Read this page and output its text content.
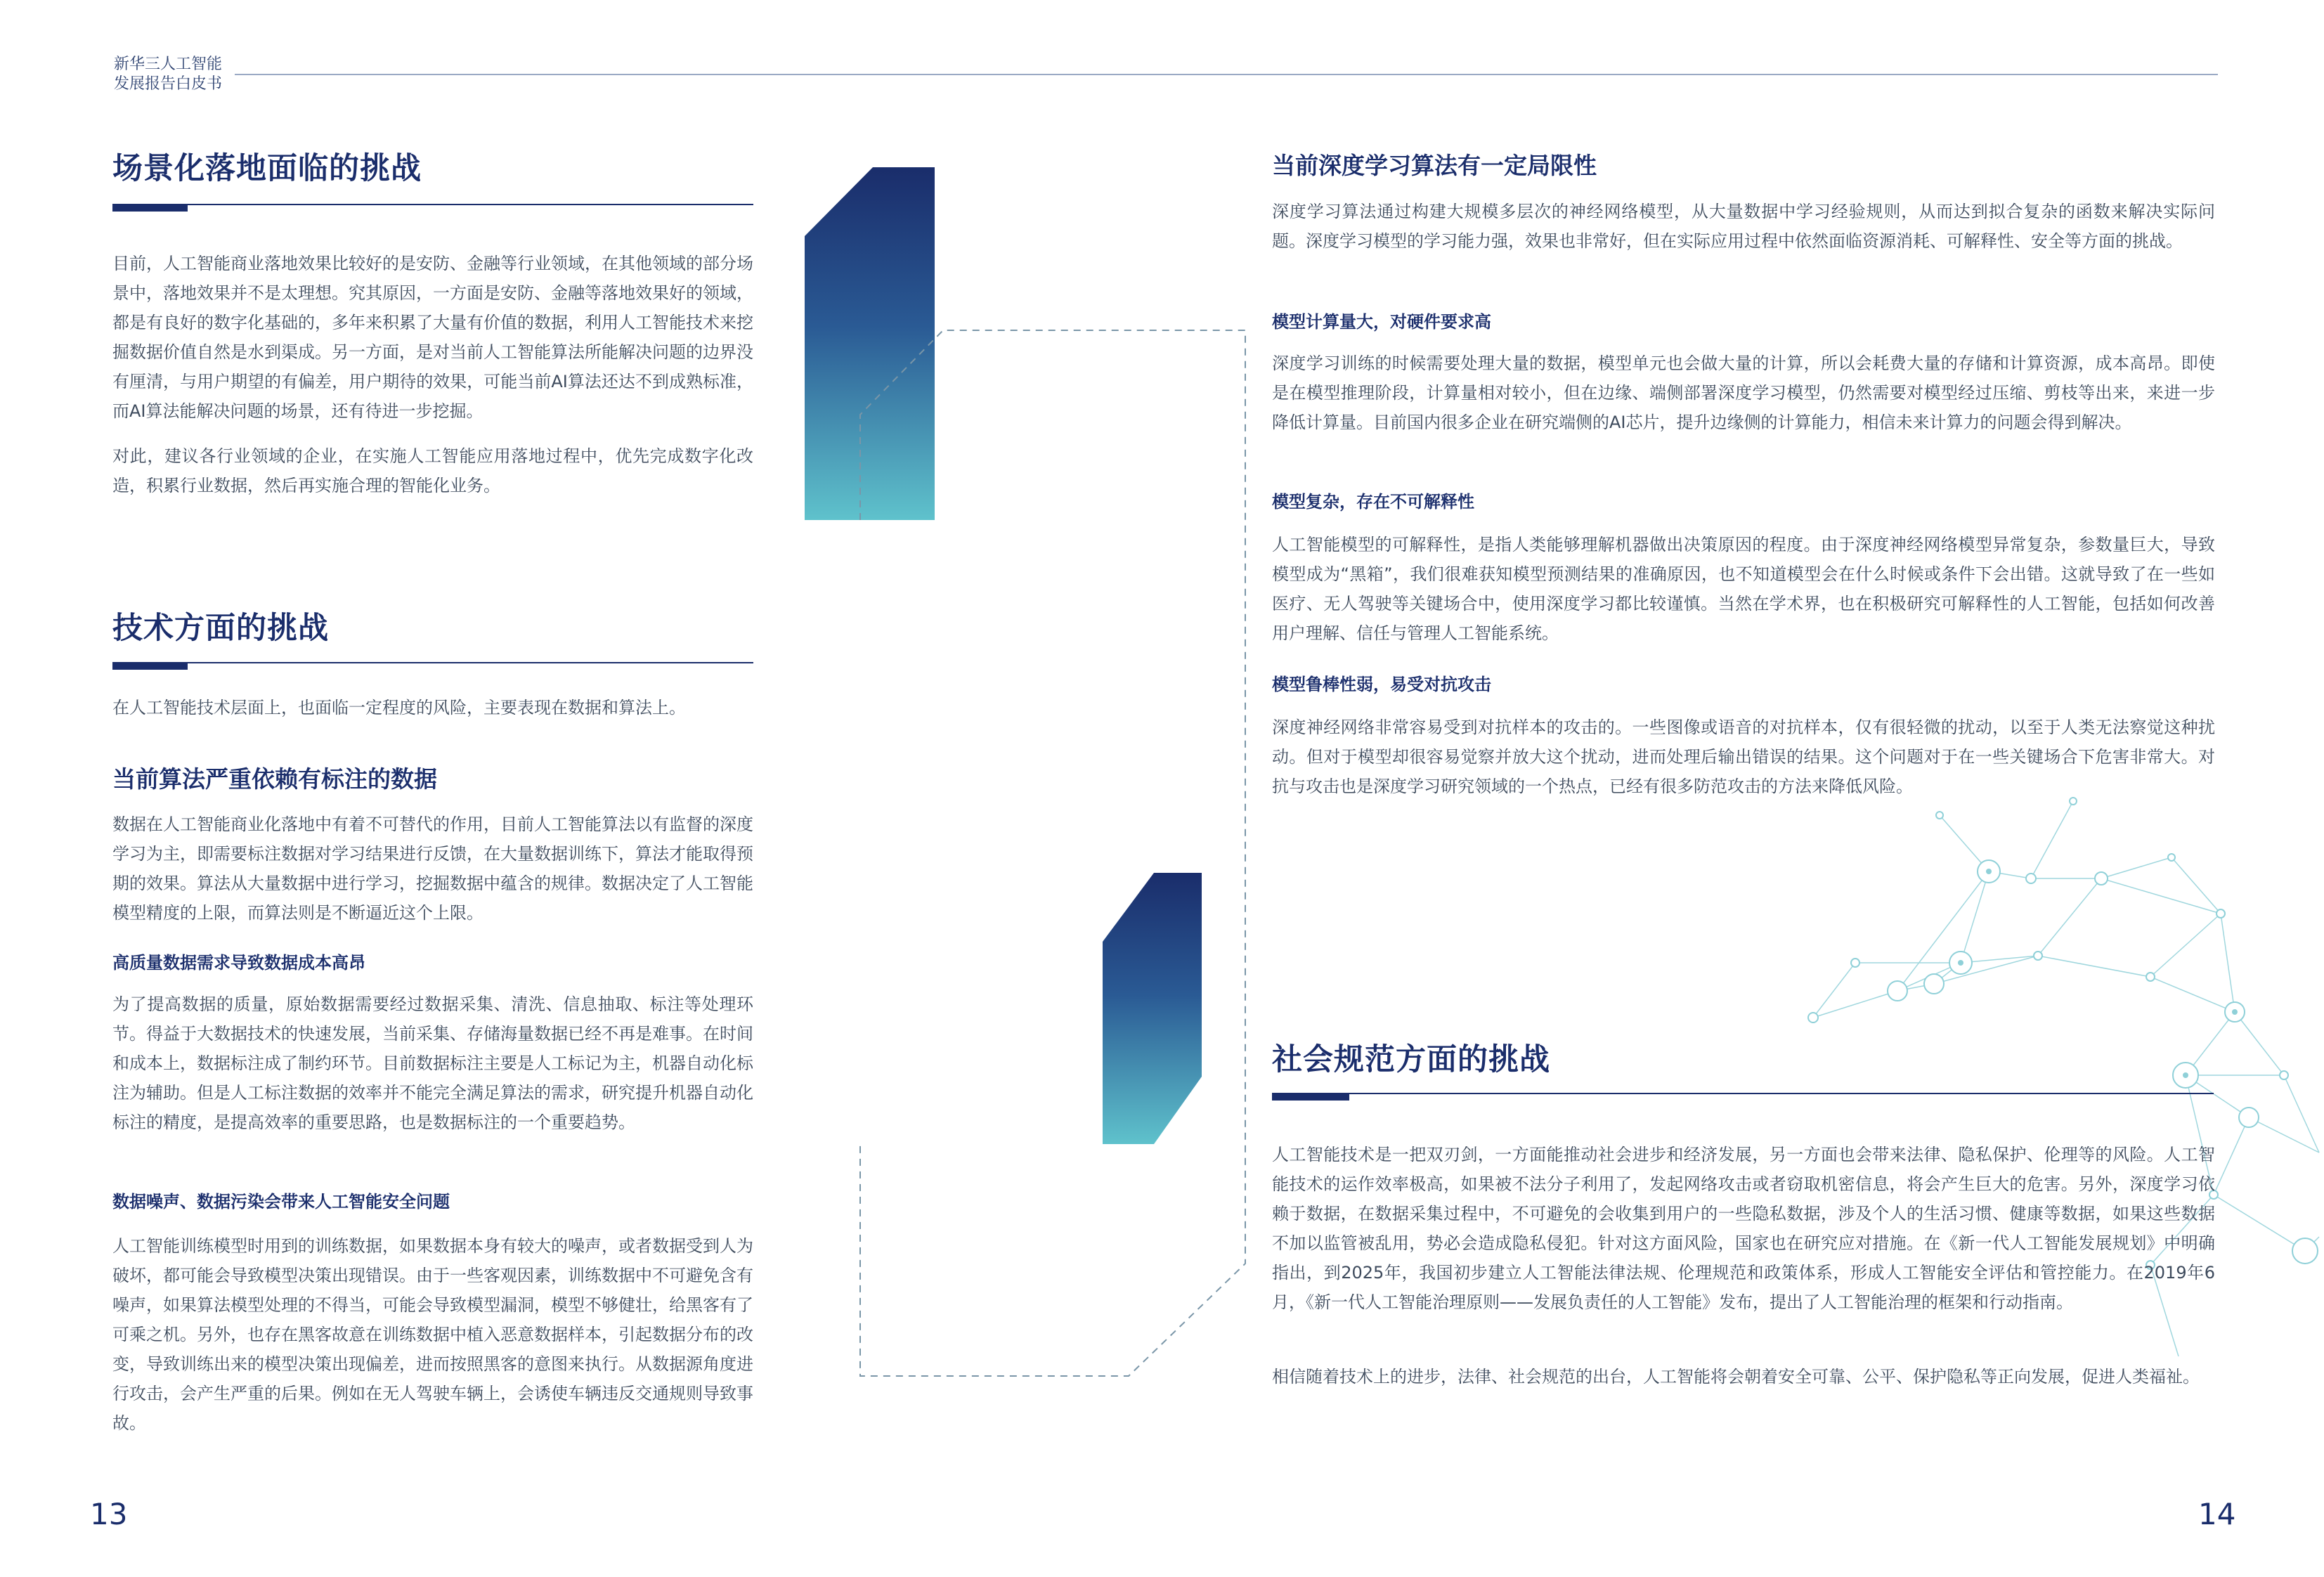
新华三人工智能
发展报告白皮书
场景化落地面临的挑战

目前，人工智能商业落地效果比较好的是安防、金融等行业领域，在其他领域的部分场景中，落地效果并不是太理想。究其原因，一方面是安防、金融等落地效果好的领域，都是有良好的数字化基础的，多年来积累了大量有价值的数据，利用人工智能技术来挖掘数据价值自然是水到渠成。另一方面，是对当前人工智能算法所能解决问题的边界没有厘清，与用户期望的有偏差，用户期待的效果，可能当前AI算法还达不到成熟标准，而AI算法能解决问题的场景，还有待进一步挖掘。

对此，建议各行业领域的企业，在实施人工智能应用落地过程中，优先完成数字化改造，积累行业数据，然后再实施合理的智能化业务。

技术方面的挑战

在人工智能技术层面上，也面临一定程度的风险，主要表现在数据和算法上。

当前算法严重依赖有标注的数据

数据在人工智能商业化落地中有着不可替代的作用，目前人工智能算法以有监督的深度学习为主，即需要标注数据对学习结果进行反馈，在大量数据训练下，算法才能取得预期的效果。算法从大量数据中进行学习，挖掘数据中蕴含的规律。数据决定了人工智能模型精度的上限，而算法则是不断逼近这个上限。

高质量数据需求导致数据成本高昂

为了提高数据的质量，原始数据需要经过数据采集、清洗、信息抽取、标注等处理环节。得益于大数据技术的快速发展，当前采集、存储海量数据已经不再是难事。在时间和成本上，数据标注成了制约环节。目前数据标注主要是人工标记为主，机器自动化标注为辅助。但是人工标注数据的效率并不能完全满足算法的需求，研究提升机器自动化标注的精度，是提高效率的重要思路，也是数据标注的一个重要趋势。

数据噪声、数据污染会带来人工智能安全问题

人工智能训练模型时用到的训练数据，如果数据本身有较大的噪声，或者数据受到人为破坏，都可能会导致模型决策出现错误。由于一些客观因素，训练数据中不可避免含有噪声，如果算法模型处理的不得当，可能会导致模型漏洞，模型不够健壮，给黑客有了可乘之机。另外，也存在黑客故意在训练数据中植入恶意数据样本，引起数据分布的改变，导致训练出来的模型决策出现偏差，进而按照黑客的意图来执行。从数据源角度进行攻击，会产生严重的后果。例如在无人驾驶车辆上，会诱使车辆违反交通规则导致事故。

13
当前深度学习算法有一定局限性

深度学习算法通过构建大规模多层次的神经网络模型，从大量数据中学习经验规则，从而达到拟合复杂的函数来解决实际问题。深度学习模型的学习能力强，效果也非常好，但在实际应用过程中依然面临资源消耗、可解释性、安全等方面的挑战。

模型计算量大，对硬件要求高

深度学习训练的时候需要处理大量的数据，模型单元也会做大量的计算，所以会耗费大量的存储和计算资源，成本高昂。即使是在模型推理阶段，计算量相对较小，但在边缘、端侧部署深度学习模型，仍然需要对模型经过压缩、剪枝等出来，来进一步降低计算量。目前国内很多企业在研究端侧的AI芯片，提升边缘侧的计算能力，相信未来计算力的问题会得到解决。

模型复杂，存在不可解释性

人工智能模型的可解释性，是指人类能够理解机器做出决策原因的程度。由于深度神经网络模型异常复杂，参数量巨大，导致模型成为“黑箱”，我们很难获知模型预测结果的准确原因，也不知道模型会在什么时候或条件下会出错。这就导致了在一些如医疗、无人驾驶等关键场合中，使用深度学习都比较谨慎。当然在学术界，也在积极研究可解释性的人工智能，包括如何改善用户理解、信任与管理人工智能系统。

模型鲁棒性弱，易受对抗攻击

深度神经网络非常容易受到对抗样本的攻击的。一些图像或语音的对抗样本，仅有很轻微的扰动，以至于人类无法察觉这种扰动。但对于模型却很容易觉察并放大这个扰动，进而处理后输出错误的结果。这个问题对于在一些关键场合下危害非常大。对抗与攻击也是深度学习研究领域的一个热点，已经有很多防范攻击的方法来降低风险。

社会规范方面的挑战

人工智能技术是一把双刃剑，一方面能推动社会进步和经济发展，另一方面也会带来法律、隐私保护、伦理等的风险。人工智能技术的运作效率极高，如果被不法分子利用了，发起网络攻击或者窃取机密信息，将会产生巨大的危害。另外，深度学习依赖于数据，在数据采集过程中，不可避免的会收集到用户的一些隐私数据，涉及个人的生活习惯、健康等数据，如果这些数据不加以监管被乱用，势必会造成隐私侵犯。针对这方面风险，国家也在研究应对措施。在《新一代人工智能发展规划》中明确指出，到2025年，我国初步建立人工智能法律法规、伦理规范和政策体系，形成人工智能安全评估和管控能力。在2019年6月，《新一代人工智能治理原则——发展负责任的人工智能》发布，提出了人工智能治理的框架和行动指南。

相信随着技术上的进步，法律、社会规范的出台，人工智能将会朝着安全可靠、公平、保护隐私等正向发展，促进人类福祉。

14
